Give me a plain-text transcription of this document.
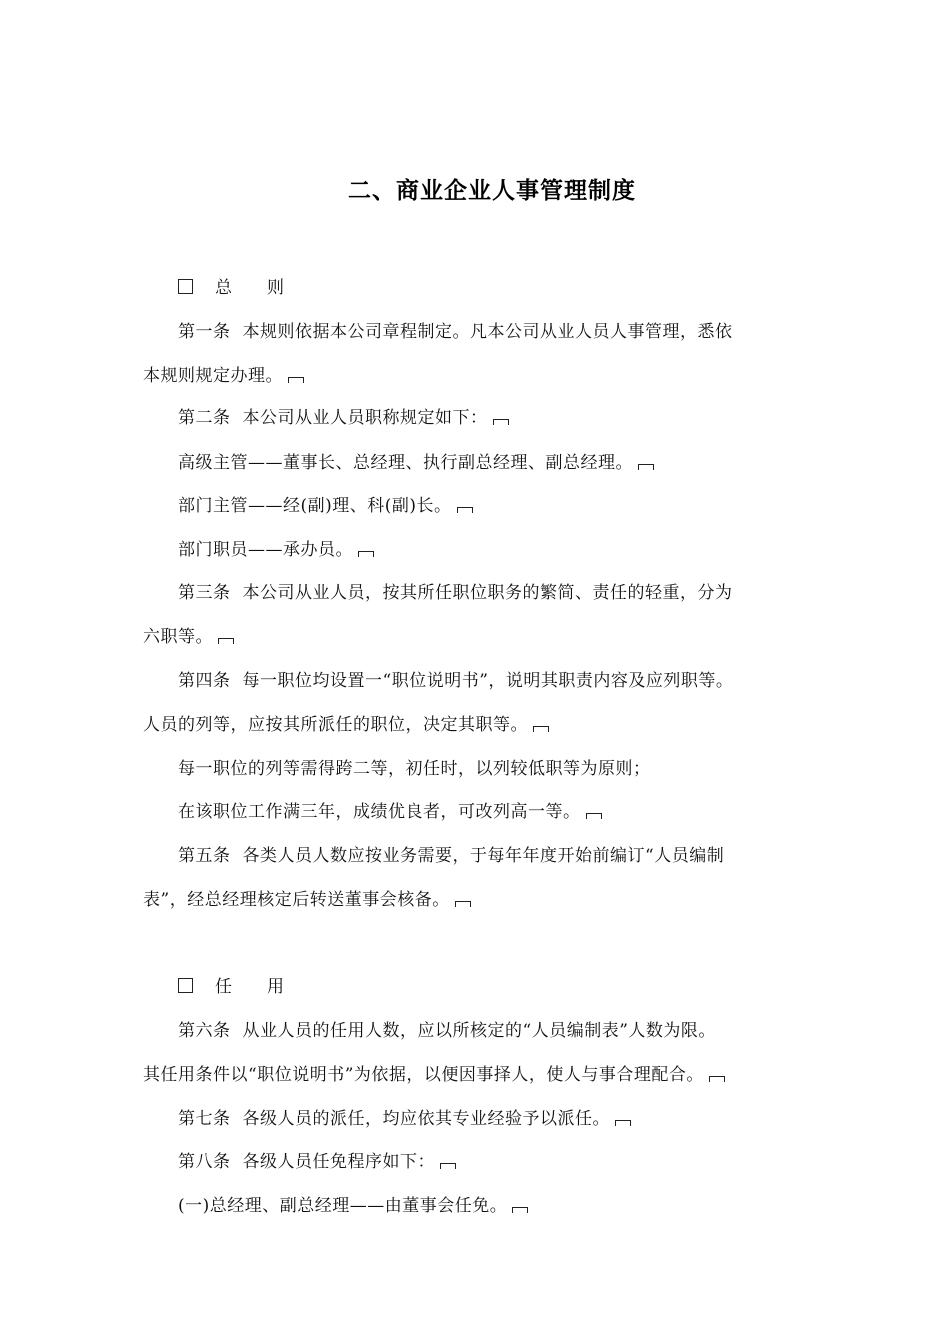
二、商业企业人事管理制度
总 则
第一条 本规则依据本公司章程制定。凡本公司从业人员人事管理，悉依
本规则规定办理。
第二条 本公司从业人员职称规定如下：
高级主管——董事长、总经理、执行副总经理、副总经理。
部门主管——经(副)理、科(副)长。
部门职员——承办员。
第三条 本公司从业人员，按其所任职位职务的繁简、责任的轻重，分为
六职等。
第四条 每一职位均设置一“职位说明书”，说明其职责内容及应列职等。
人员的列等，应按其所派任的职位，决定其职等。
每一职位的列等需得跨二等，初任时，以列较低职等为原则；
在该职位工作满三年，成绩优良者，可改列高一等。
第五条 各类人员人数应按业务需要，于每年年度开始前编订“人员编制
表”，经总经理核定后转送董事会核备。
任 用
第六条 从业人员的任用人数，应以所核定的“人员编制表”人数为限。
其任用条件以“职位说明书”为依据，以便因事择人，使人与事合理配合。
第七条 各级人员的派任，均应依其专业经验予以派任。
第八条 各级人员任免程序如下：
(一)总经理、副总经理——由董事会任免。
